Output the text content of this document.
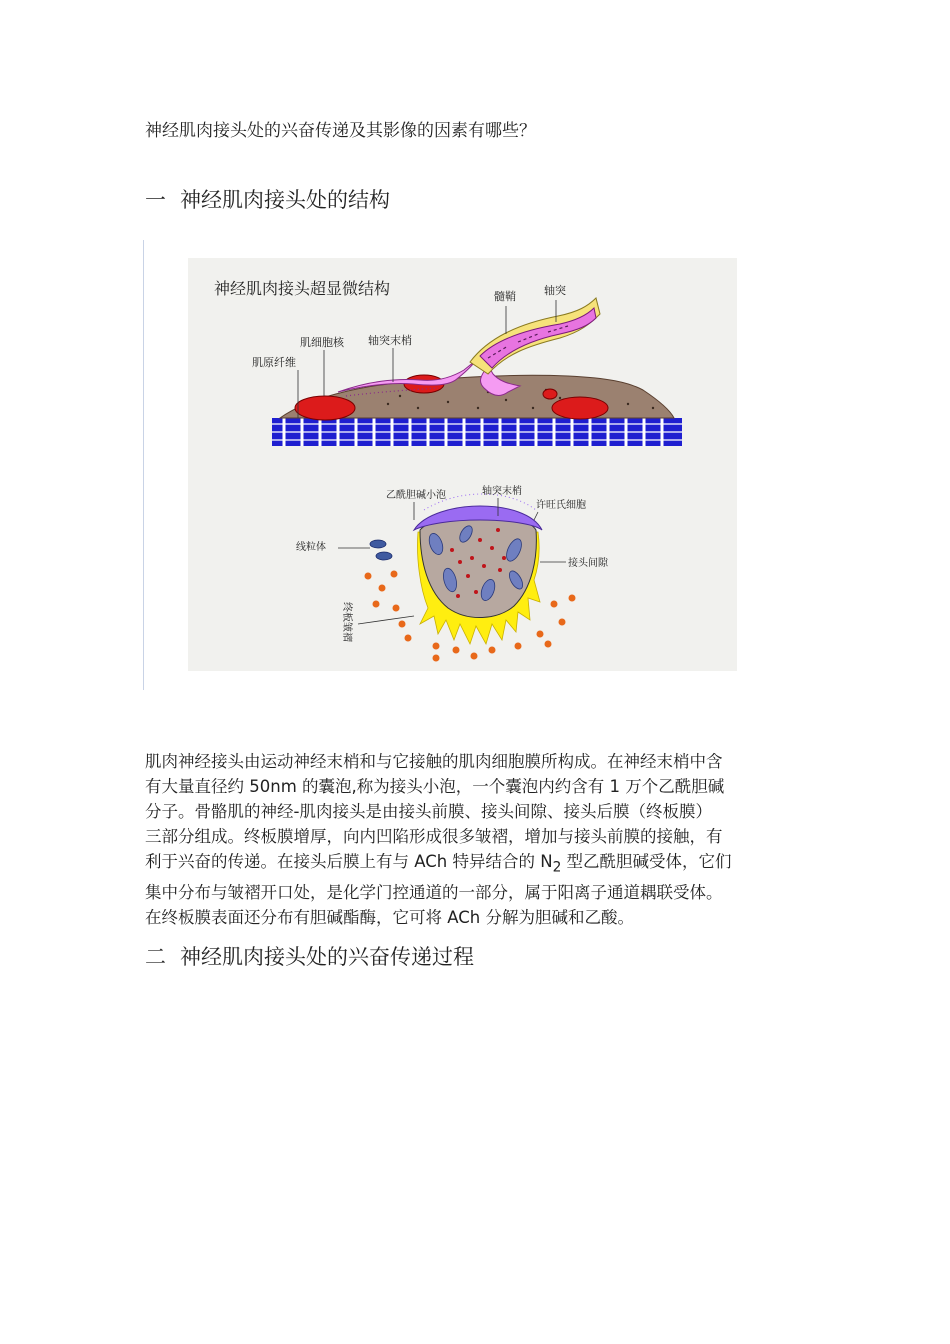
神经肌肉接头处的兴奋传递及其影像的因素有哪些？
一 神经肌肉接头处的结构
神经肌肉接头超显微结构
肌细胞核 轴突末梢
肌原纤维
髓鞘	轴突
乙酰胆碱小泡	轴突末梢
许旺氏细胞
线粒体
接头间隙
终板皱褶

肌肉神经接头由运动神经末梢和与它接触的肌肉细胞膜所构成。在神经末梢中含

有大量直径约 50nm 的囊泡,称为接头小泡，一个囊泡内约含有 1 万个乙酰胆碱

分子。骨骼肌的神经-肌肉接头是由接头前膜、接头间隙、接头后膜（终板膜）

三部分组成。终板膜增厚，向内凹陷形成很多皱褶，增加与接头前膜的接触，有

利于兴奋的传递。在接头后膜上有与 ACh 特异结合的 $N_2$ 型乙酰胆碱受体，它们

集中分布与皱褶开口处，是化学门控通道的一部分，属于阳离子通道耦联受体。

在终板膜表面还分布有胆碱酯酶，它可将 ACh 分解为胆碱和乙酸。

二 神经肌肉接头处的兴奋传递过程
